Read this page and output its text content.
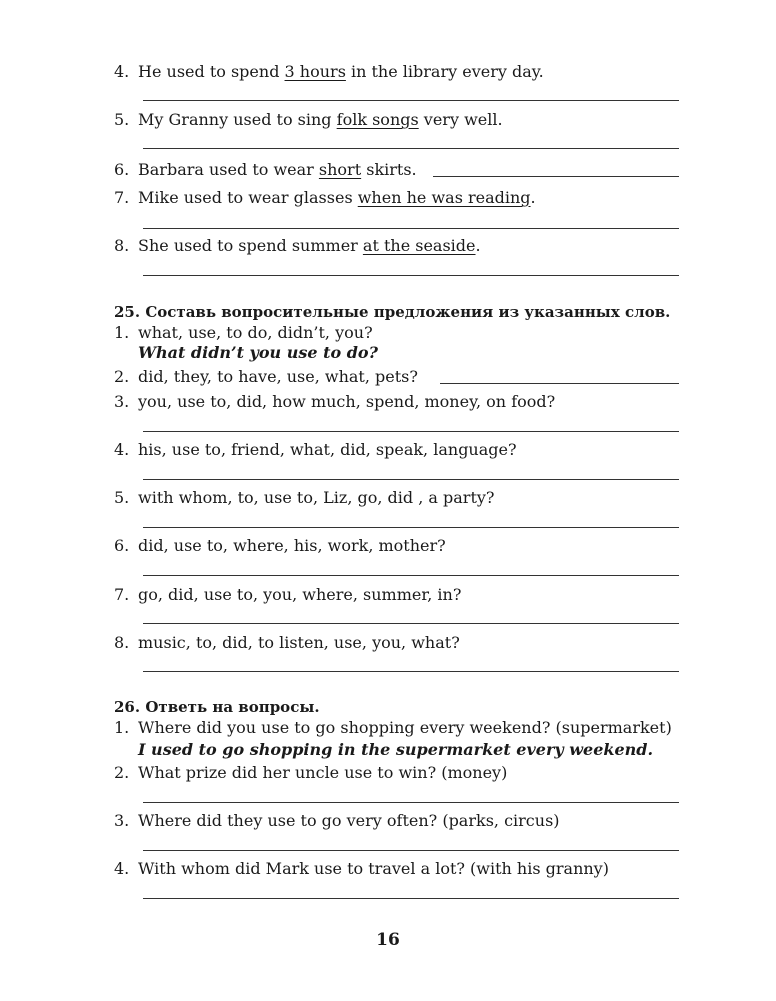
4. He used to spend 3 hours in the library every day.
5. My Granny used to sing folk songs very well.
6. Barbara used to wear short skirts.
7. Mike used to wear glasses when he was reading.
8. She used to spend summer at the seaside.
25. Составь вопросительные предложения из указанных слов.
1. what, use, to do, didn’t, you?
What didn’t you use to do?
2. did, they, to have, use, what, pets?
3. you, use to, did, how much, spend, money, on food?
4. his, use to, friend, what, did, speak, language?
5. with whom, to, use to, Liz, go, did , a party?
6. did, use to, where, his, work, mother?
7. go, did, use to, you, where, summer, in?
8. music, to, did, to listen, use, you, what?
26. Ответь на вопросы.
1. Where did you use to go shopping every weekend? (supermarket)
I used to go shopping in the supermarket every weekend.
2. What prize did her uncle use to win? (money)
3. Where did they use to go very often? (parks, circus)
4. With whom did Mark use to travel a lot? (with his granny)
16
